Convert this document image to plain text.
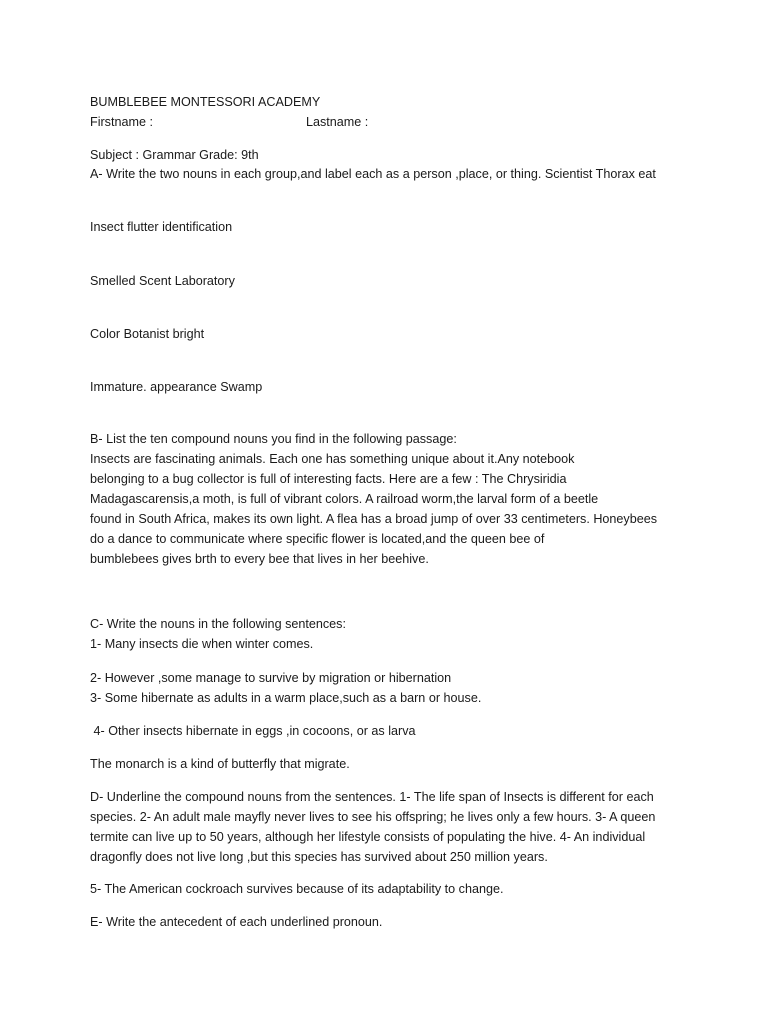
BUMBLEBEE MONTESSORI ACADEMY
Firstname :	Lastname :
Subject : Grammar Grade: 9th
A- Write the two nouns in each group,and label each as a person ,place, or thing. Scientist Thorax eat
Insect flutter identification
Smelled Scent Laboratory
Color Botanist bright
Immature. appearance Swamp
B- List the ten compound nouns you find in the following passage:
Insects are fascinating animals. Each one has something unique about it.Any notebook
belonging to a bug collector is full of interesting facts. Here are a few : The Chrysiridia
Madagascarensis,a moth, is full of vibrant colors. A railroad worm,the larval form of a beetle
found in South Africa, makes its own light. A flea has a broad jump of over 33 centimeters. Honeybees
do a dance to communicate where specific flower is located,and the queen bee of
bumblebees gives brth to every bee that lives in her beehive.
C- Write the nouns in the following sentences:
1- Many insects die when winter comes.
2- However ,some manage to survive by migration or hibernation
3- Some hibernate as adults in a warm place,such as a barn or house.
4- Other insects hibernate in eggs ,in cocoons, or as larva
The monarch is a kind of butterfly that migrate.
D- Underline the compound nouns from the sentences. 1- The life span of Insects is different for each
species. 2- An adult male mayfly never lives to see his offspring; he lives only a few hours. 3- A queen
termite can live up to 50 years, although her lifestyle consists of populating the hive. 4- An individual
dragonfly does not live long ,but this species has survived about 250 million years.
5- The American cockroach survives because of its adaptability to change.
E- Write the antecedent of each underlined pronoun.
